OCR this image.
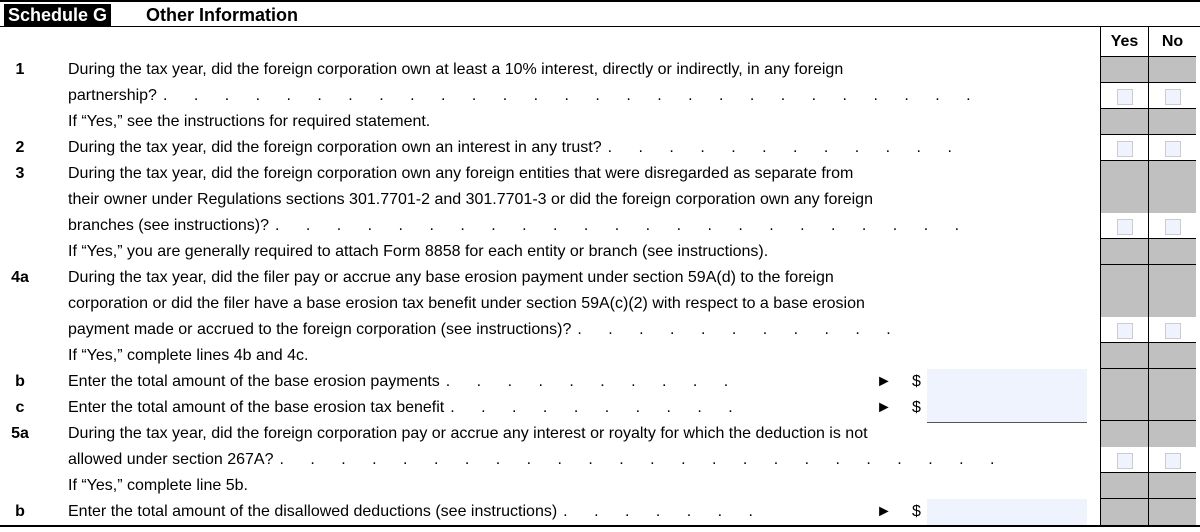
Schedule G Other Information
Yes	No
1	During the tax year, did the foreign corporation own at least a 10% interest, directly or indirectly, in any foreign
partnership? . . . . . . . . . . . . . . . . . . . . . . . . . . .
If “Yes,” see the instructions for required statement.
2	During the tax year, did the foreign corporation own an interest in any trust? . . . . . . . . . . . .
3	During the tax year, did the foreign corporation own any foreign entities that were disregarded as separate from
their owner under Regulations sections 301.7701-2 and 301.7701-3 or did the foreign corporation own any foreign
branches (see instructions)? . . . . . . . . . . . . . . . . . . . . . . .
If “Yes,” you are generally required to attach Form 8858 for each entity or branch (see instructions).
4a	During the tax year, did the filer pay or accrue any base erosion payment under section 59A(d) to the foreign
corporation or did the filer have a base erosion tax benefit under section 59A(c)(2) with respect to a base erosion
payment made or accrued to the foreign corporation (see instructions)? . . . . . . . . . . .
If “Yes,” complete lines 4b and 4c.
b	Enter the total amount of the base erosion payments . . . . . . . . . .	► $
c	Enter the total amount of the base erosion tax benefit . . . . . . . . . .	► $
5a	During the tax year, did the foreign corporation pay or accrue any interest or royalty for which the deduction is not
allowed under section 267A? . . . . . . . . . . . . . . . . . . . . . . . .
If “Yes,” complete line 5b.
b	Enter the total amount of the disallowed deductions (see instructions) . . . . . . .	► $
